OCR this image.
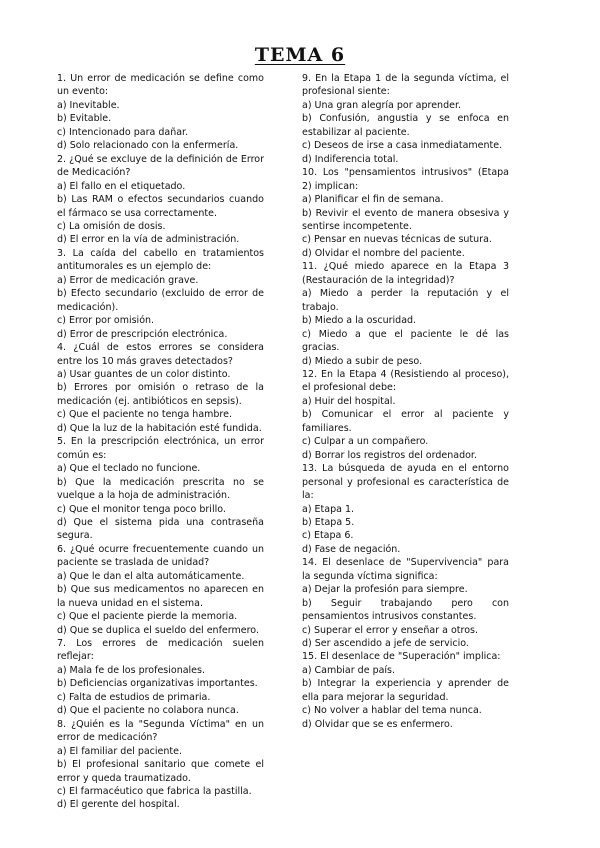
TEMA 6
1. Un error de medicación se define como un evento:
a) Inevitable.
b) Evitable.
c) Intencionado para dañar.
d) Solo relacionado con la enfermería.
2. ¿Qué se excluye de la definición de Error de Medicación?
a) El fallo en el etiquetado.
b) Las RAM o efectos secundarios cuando el fármaco se usa correctamente.
c) La omisión de dosis.
d) El error en la vía de administración.
3. La caída del cabello en tratamientos antitumorales es un ejemplo de:
a) Error de medicación grave.
b) Efecto secundario (excluido de error de medicación).
c) Error por omisión.
d) Error de prescripción electrónica.
4. ¿Cuál de estos errores se considera entre los 10 más graves detectados?
a) Usar guantes de un color distinto.
b) Errores por omisión o retraso de la medicación (ej. antibióticos en sepsis).
c) Que el paciente no tenga hambre.
d) Que la luz de la habitación esté fundida.
5. En la prescripción electrónica, un error común es:
a) Que el teclado no funcione.
b) Que la medicación prescrita no se vuelque a la hoja de administración.
c) Que el monitor tenga poco brillo.
d) Que el sistema pida una contraseña segura.
6. ¿Qué ocurre frecuentemente cuando un paciente se traslada de unidad?
a) Que le dan el alta automáticamente.
b) Que sus medicamentos no aparecen en la nueva unidad en el sistema.
c) Que el paciente pierde la memoria.
d) Que se duplica el sueldo del enfermero.
7. Los errores de medicación suelen reflejar:
a) Mala fe de los profesionales.
b) Deficiencias organizativas importantes.
c) Falta de estudios de primaria.
d) Que el paciente no colabora nunca.
8. ¿Quién es la "Segunda Víctima" en un error de medicación?
a) El familiar del paciente.
b) El profesional sanitario que comete el error y queda traumatizado.
c) El farmacéutico que fabrica la pastilla.
d) El gerente del hospital.
9. En la Etapa 1 de la segunda víctima, el profesional siente:
a) Una gran alegría por aprender.
b) Confusión, angustia y se enfoca en estabilizar al paciente.
c) Deseos de irse a casa inmediatamente.
d) Indiferencia total.
10. Los "pensamientos intrusivos" (Etapa 2) implican:
a) Planificar el fin de semana.
b) Revivir el evento de manera obsesiva y sentirse incompetente.
c) Pensar en nuevas técnicas de sutura.
d) Olvidar el nombre del paciente.
11. ¿Qué miedo aparece en la Etapa 3 (Restauración de la integridad)?
a) Miedo a perder la reputación y el trabajo.
b) Miedo a la oscuridad.
c) Miedo a que el paciente le dé las gracias.
d) Miedo a subir de peso.
12. En la Etapa 4 (Resistiendo al proceso), el profesional debe:
a) Huir del hospital.
b) Comunicar el error al paciente y familiares.
c) Culpar a un compañero.
d) Borrar los registros del ordenador.
13. La búsqueda de ayuda en el entorno personal y profesional es característica de la:
a) Etapa 1.
b) Etapa 5.
c) Etapa 6.
d) Fase de negación.
14. El desenlace de "Supervivencia" para la segunda víctima significa:
a) Dejar la profesión para siempre.
b) Seguir trabajando pero con pensamientos intrusivos constantes.
c) Superar el error y enseñar a otros.
d) Ser ascendido a jefe de servicio.
15. El desenlace de "Superación" implica:
a) Cambiar de país.
b) Integrar la experiencia y aprender de ella para mejorar la seguridad.
c) No volver a hablar del tema nunca.
d) Olvidar que se es enfermero.
